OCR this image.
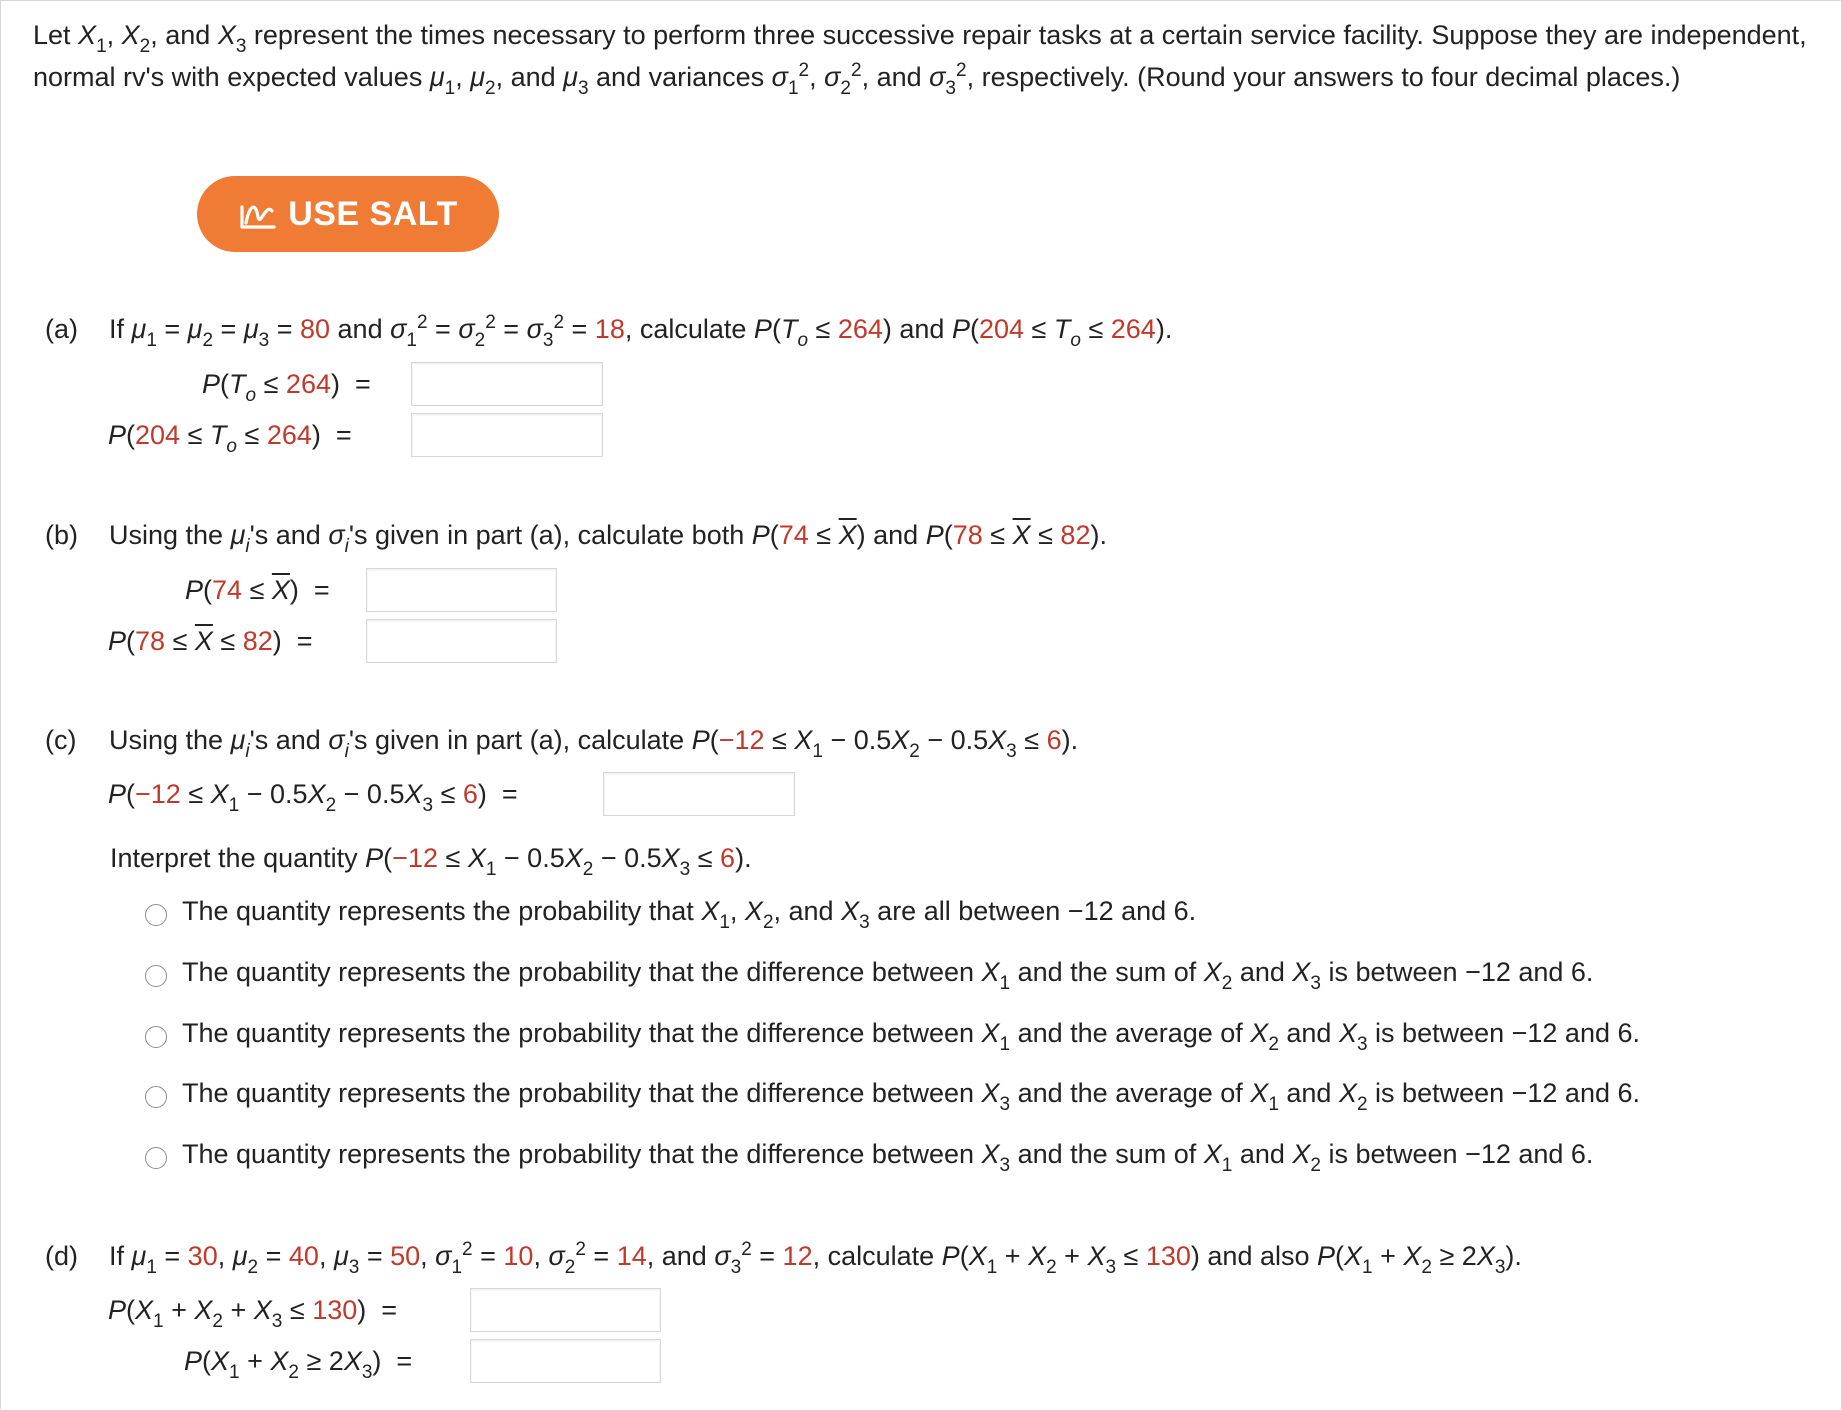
Let $X_1$, $X_2$, and $X_3$ represent the times necessary to perform three successive repair tasks at a certain service facility. Suppose they are independent, normal rv's with expected values $\mu_1$, $\mu_2$, and $\mu_3$ and variances $\sigma_1^2$, $\sigma_2^2$, and $\sigma_3^2$, respectively. (Round your answers to four decimal places.)
USE SALT
(a) If $\mu_1 = \mu_2 = \mu_3 = 80$ and $\sigma_1^2 = \sigma_2^2 = \sigma_3^2 = 18$, calculate $P(T_o \le 264)$ and $P(204 \le T_o \le 264)$.
$P(T_o \le 264)$  =
$P(204 \le T_o \le 264)$  =
(b) Using the $\mu_i's$ and $\sigma_i's$ given in part (a), calculate both $P(74 \le \overline{X})$ and $P(78 \le \overline{X} \le 82)$.
$P(74 \le \overline{X})$  =
$P(78 \le \overline{X} \le 82)$  =
(c) Using the $\mu_i's$ and $\sigma_i's$ given in part (a), calculate $P(-12 \le X_1 - 0.5X_2 - 0.5X_3 \le 6)$.
$P(-12 \le X_1 - 0.5X_2 - 0.5X_3 \le 6)$  =
Interpret the quantity $P(-12 \le X_1 - 0.5X_2 - 0.5X_3 \le 6)$.
The quantity represents the probability that $X_1$, $X_2$, and $X_3$ are all between −12 and 6.
The quantity represents the probability that the difference between $X_1$ and the sum of $X_2$ and $X_3$ is between −12 and 6.
The quantity represents the probability that the difference between $X_1$ and the average of $X_2$ and $X_3$ is between −12 and 6.
The quantity represents the probability that the difference between $X_3$ and the average of $X_1$ and $X_2$ is between −12 and 6.
The quantity represents the probability that the difference between $X_3$ and the sum of $X_1$ and $X_2$ is between −12 and 6.
(d) If $\mu_1 = 30$, $\mu_2 = 40$, $\mu_3 = 50$, $\sigma_1^2 = 10$, $\sigma_2^2 = 14$, and $\sigma_3^2 = 12$, calculate $P(X_1 + X_2 + X_3 \le 130)$ and also $P(X_1 + X_2 \ge 2X_3)$.
$P(X_1 + X_2 + X_3 \le 130)$  =
$P(X_1 + X_2 \ge 2X_3)$  =
